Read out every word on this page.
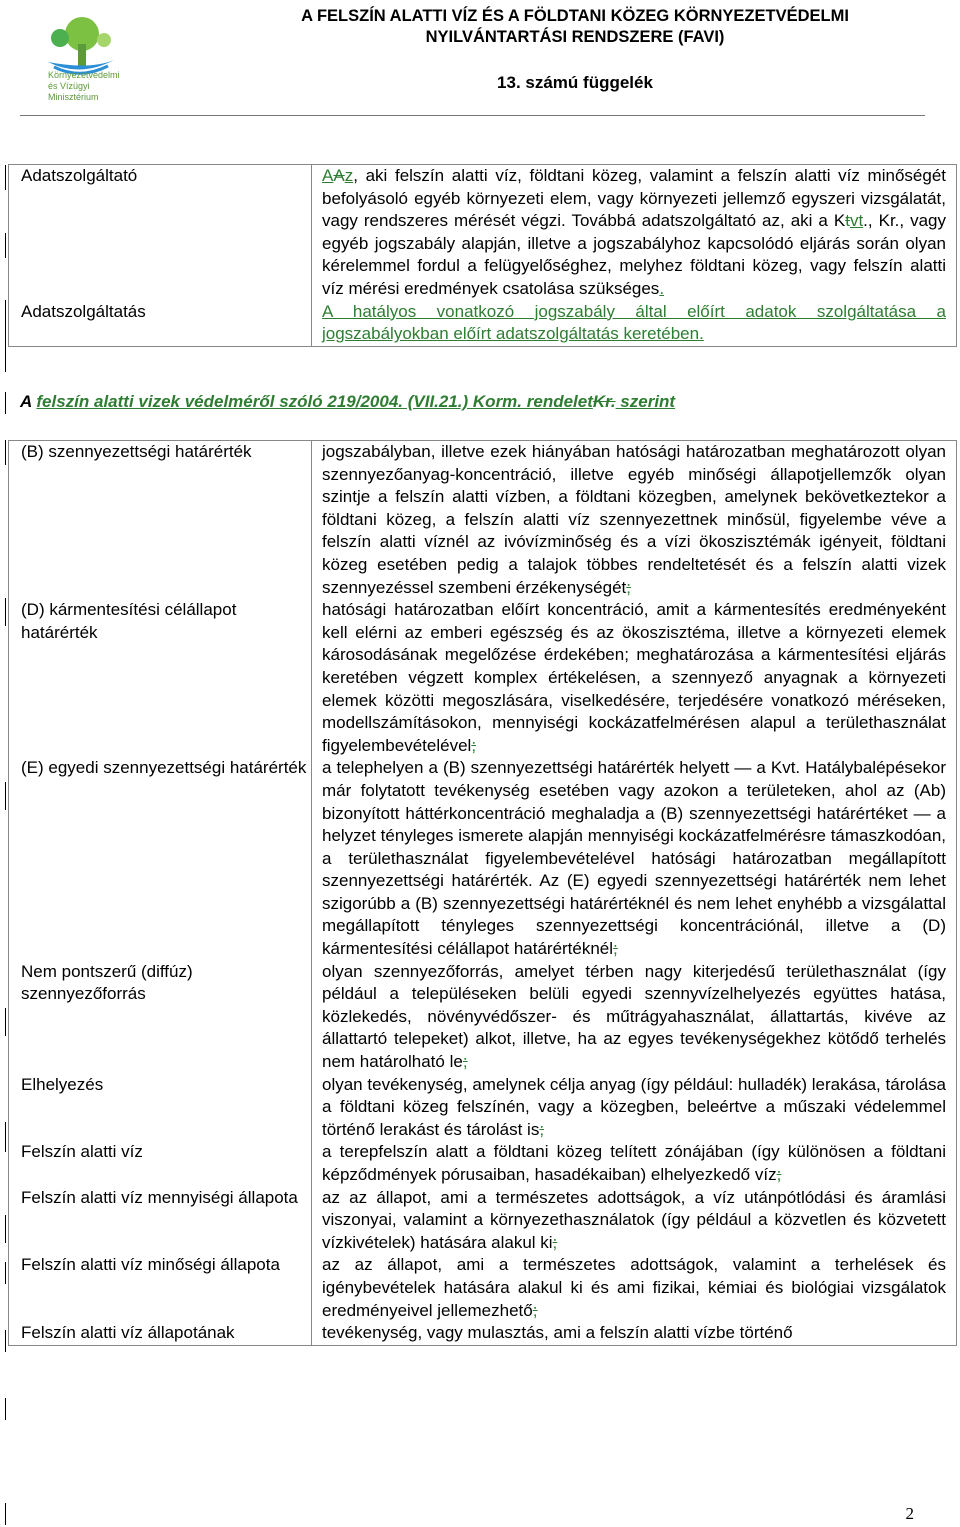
Környezetvédelmi
és Vízügyi
Minisztérium
A FELSZÍN ALATTI VÍZ ÉS A FÖLDTANI KÖZEG KÖRNYEZETVÉDELMI
NYILVÁNTARTÁSI RENDSZERE (FAVI)
13. számú függelék
Adatszolgáltató	AAz, aki felszín alatti víz, földtani közeg, valamint a felszín alatti víz minőségét befolyásoló egyéb környezeti elem, vagy környezeti jellemző egyszeri vizsgálatát, vagy rendszeres mérését végzi. Továbbá adatszolgáltató az, aki a Ktvt., Kr., vagy egyéb jogszabály alapján, illetve a jogszabályhoz kapcsolódó eljárás során olyan kérelemmel fordul a felügyelőséghez, melyhez földtani közeg, vagy felszín alatti víz mérési eredmények csatolása szükséges.
Adatszolgáltatás	A hatályos vonatkozó jogszabály által előírt adatok szolgáltatása a jogszabályokban előírt adatszolgáltatás keretében.
A felszín alatti vizek védelméről szóló 219/2004. (VII.21.) Korm. rendeletKr. szerint
(B) szennyezettségi határérték	jogszabályban, illetve ezek hiányában hatósági határozatban meghatározott olyan szennyezőanyag-koncentráció, illetve egyéb minőségi állapotjellemzők olyan szintje a felszín alatti vízben, a földtani közegben, amelynek bekövetkeztekor a földtani közeg, a felszín alatti víz szennyezettnek minősül, figyelembe véve a felszín alatti víznél az ivóvízminőség és a vízi ökoszisztémák igényeit, földtani közeg esetében pedig a talajok többes rendeltetését és a felszín alatti vizek szennyezéssel szembeni érzékenységét;
(D) kármentesítési célállapot határérték	hatósági határozatban előírt koncentráció, amit a kármentesítés eredményeként kell elérni az emberi egészség és az ökoszisztéma, illetve a környezeti elemek károsodásának megelőzése érdekében; meghatározása a kármentesítési eljárás keretében végzett komplex értékelésen, a szennyező anyagnak a környezeti elemek közötti megoszlására, viselkedésére, terjedésére vonatkozó méréseken, modellszámításokon, mennyiségi kockázatfelmérésen alapul a területhasználat figyelembevételével;
(E) egyedi szennyezettségi határérték	a telephelyen a (B) szennyezettségi határérték helyett — a Kvt. Hatálybalépésekor már folytatott tevékenység esetében vagy azokon a területeken, ahol az (Ab) bizonyított háttérkoncentráció meghaladja a (B) szennyezettségi határértéket — a helyzet tényleges ismerete alapján mennyiségi kockázatfelmérésre támaszkodóan, a területhasználat figyelembevételével hatósági határozatban megállapított szennyezettségi határérték. Az (E) egyedi szennyezettségi határérték nem lehet szigorúbb a (B) szennyezettségi határértéknél és nem lehet enyhébb a vizsgálattal megállapított tényleges szennyezettségi koncentrációnál, illetve a (D) kármentesítési célállapot határértéknél;
Nem pontszerű (diffúz) szennyezőforrás	olyan szennyezőforrás, amelyet térben nagy kiterjedésű területhasználat (így például a településeken belüli egyedi szennyvízelhelyezés együttes hatása, közlekedés, növényvédőszer- és műtrágyahasználat, állattartás, kivéve az állattartó telepeket) alkot, illetve, ha az egyes tevékenységekhez kötődő terhelés nem határolható le;
Elhelyezés	olyan tevékenység, amelynek célja anyag (így például: hulladék) lerakása, tárolása a földtani közeg felszínén, vagy a közegben, beleértve a műszaki védelemmel történő lerakást és tárolást is;
Felszín alatti víz	a terepfelszín alatt a földtani közeg telített zónájában (így különösen a földtani képződmények pórusaiban, hasadékaiban) elhelyezkedő víz;
Felszín alatti víz mennyiségi állapota	az az állapot, ami a természetes adottságok, a víz utánpótlódási és áramlási viszonyai, valamint a környezethasználatok (így például a közvetlen és közvetett vízkivételek) hatására alakul ki;
Felszín alatti víz minőségi állapota	az az állapot, ami a természetes adottságok, valamint a terhelések és igénybevételek hatására alakul ki és ami fizikai, kémiai és biológiai vizsgálatok eredményeivel jellemezhető;
Felszín alatti víz állapotának	tevékenység, vagy mulasztás, ami a felszín alatti vízbe történő
2
